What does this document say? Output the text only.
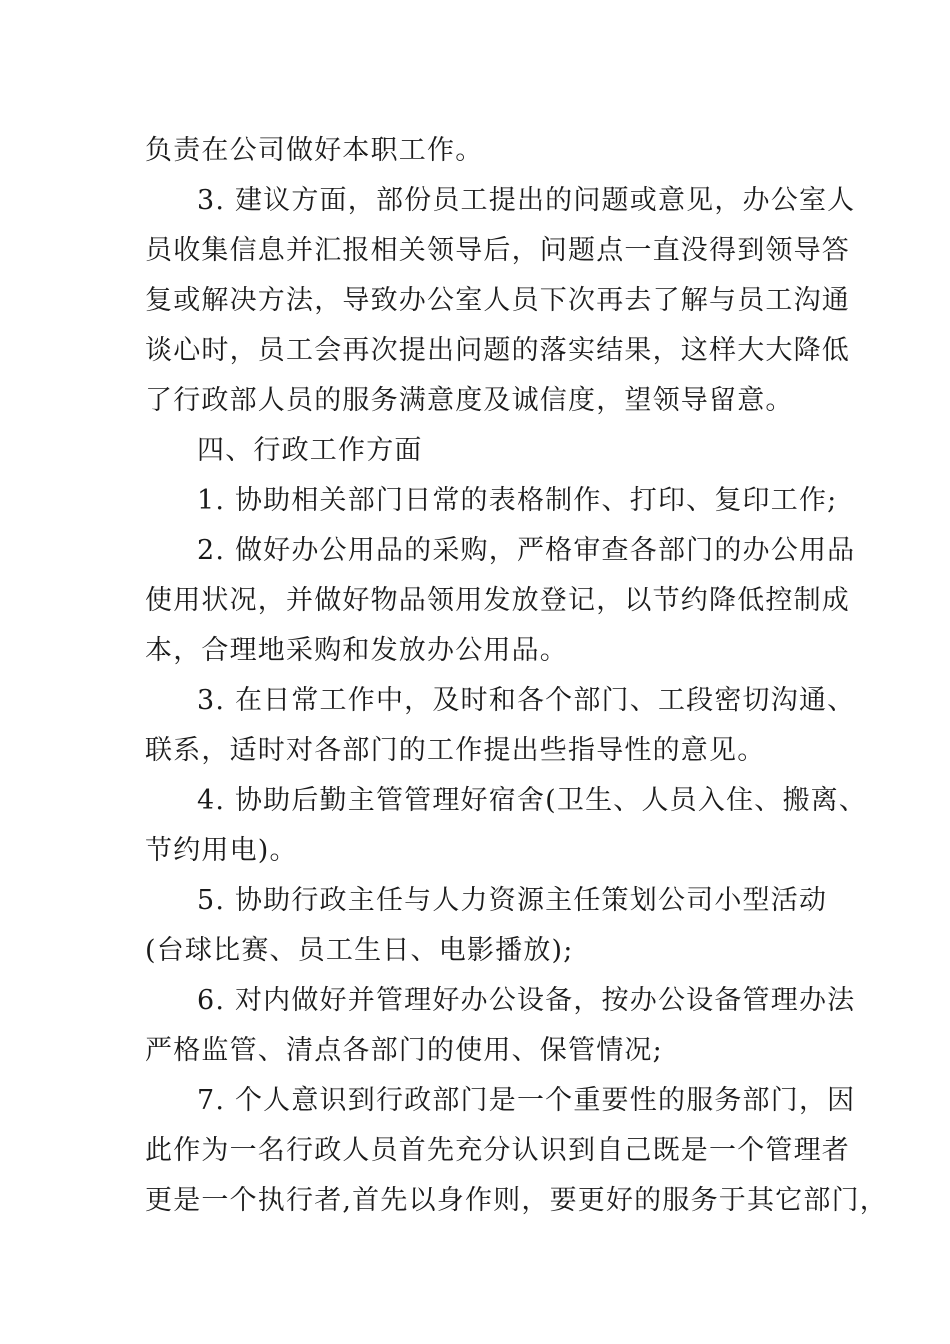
负责在公司做好本职工作。
3. 建议方面，部份员工提出的问题或意见，办公室人
员收集信息并汇报相关领导后，问题点一直没得到领导答
复或解决方法，导致办公室人员下次再去了解与员工沟通
谈心时，员工会再次提出问题的落实结果，这样大大降低
了行政部人员的服务满意度及诚信度，望领导留意。
四、行政工作方面
1. 协助相关部门日常的表格制作、打印、复印工作;
2. 做好办公用品的采购，严格审查各部门的办公用品
使用状况，并做好物品领用发放登记，以节约降低控制成
本，合理地采购和发放办公用品。
3. 在日常工作中，及时和各个部门、工段密切沟通、
联系，适时对各部门的工作提出些指导性的意见。
4. 协助后勤主管管理好宿舍(卫生、人员入住、搬离、
节约用电)。
5. 协助行政主任与人力资源主任策划公司小型活动
(台球比赛、员工生日、电影播放);
6. 对内做好并管理好办公设备，按办公设备管理办法
严格监管、清点各部门的使用、保管情况;
7. 个人意识到行政部门是一个重要性的服务部门，因
此作为一名行政人员首先充分认识到自己既是一个管理者
更是一个执行者,首先以身作则，要更好的服务于其它部门，
